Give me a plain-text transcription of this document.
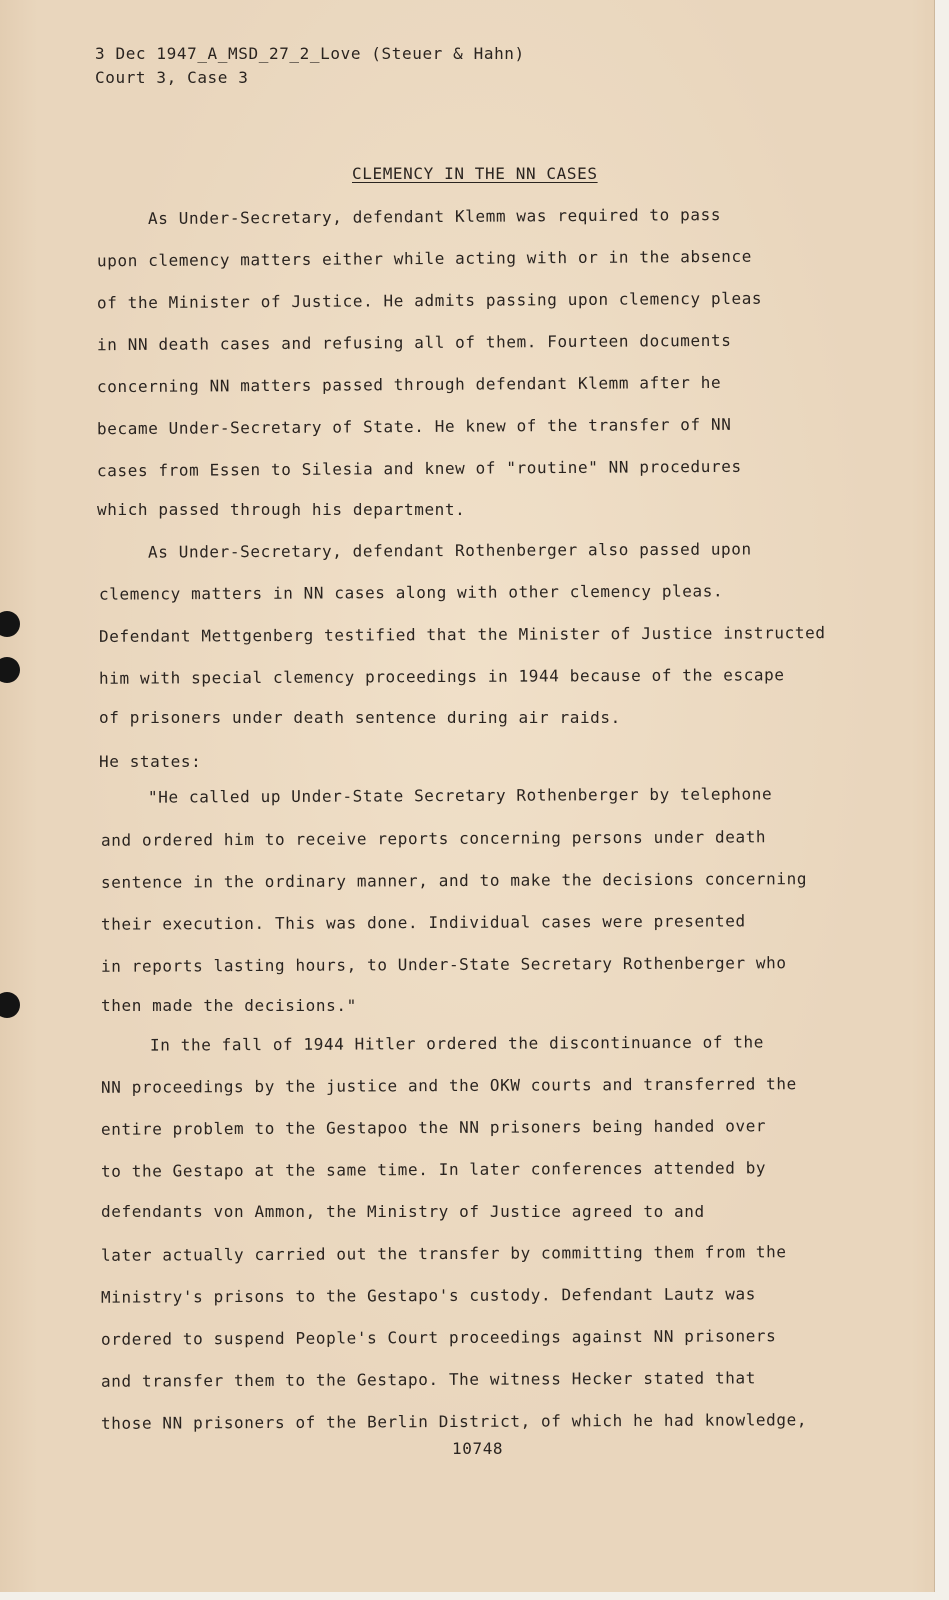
3 Dec 1947_A_MSD_27_2_Love (Steuer & Hahn)
Court 3, Case 3
CLEMENCY IN THE NN CASES
As Under-Secretary, defendant Klemm was required to pass
upon clemency matters either while acting with or in the absence
of the Minister of Justice. He admits passing upon clemency pleas
in NN death cases and refusing all of them. Fourteen documents
concerning NN matters passed through defendant Klemm after he
became Under-Secretary of State. He knew of the transfer of NN
cases from Essen to Silesia and knew of "routine" NN procedures
which passed through his department.
As Under-Secretary, defendant Rothenberger also passed upon
clemency matters in NN cases along with other clemency pleas.
Defendant Mettgenberg testified that the Minister of Justice instructed
him with special clemency proceedings in 1944 because of the escape
of prisoners under death sentence during air raids.
He states:
"He called up Under-State Secretary Rothenberger by telephone
and ordered him to receive reports concerning persons under death
sentence in the ordinary manner, and to make the decisions concerning
their execution. This was done. Individual cases were presented
in reports lasting hours, to Under-State Secretary Rothenberger who
then made the decisions."
In the fall of 1944 Hitler ordered the discontinuance of the
NN proceedings by the justice and the OKW courts and transferred the
entire problem to the Gestapoo the NN prisoners being handed over
to the Gestapo at the same time. In later conferences attended by
defendants von Ammon, the Ministry of Justice agreed to and
later actually carried out the transfer by committing them from the
Ministry's prisons to the Gestapo's custody. Defendant Lautz was
ordered to suspend People's Court proceedings against NN prisoners
and transfer them to the Gestapo. The witness Hecker stated that
those NN prisoners of the Berlin District, of which he had knowledge,
10748
